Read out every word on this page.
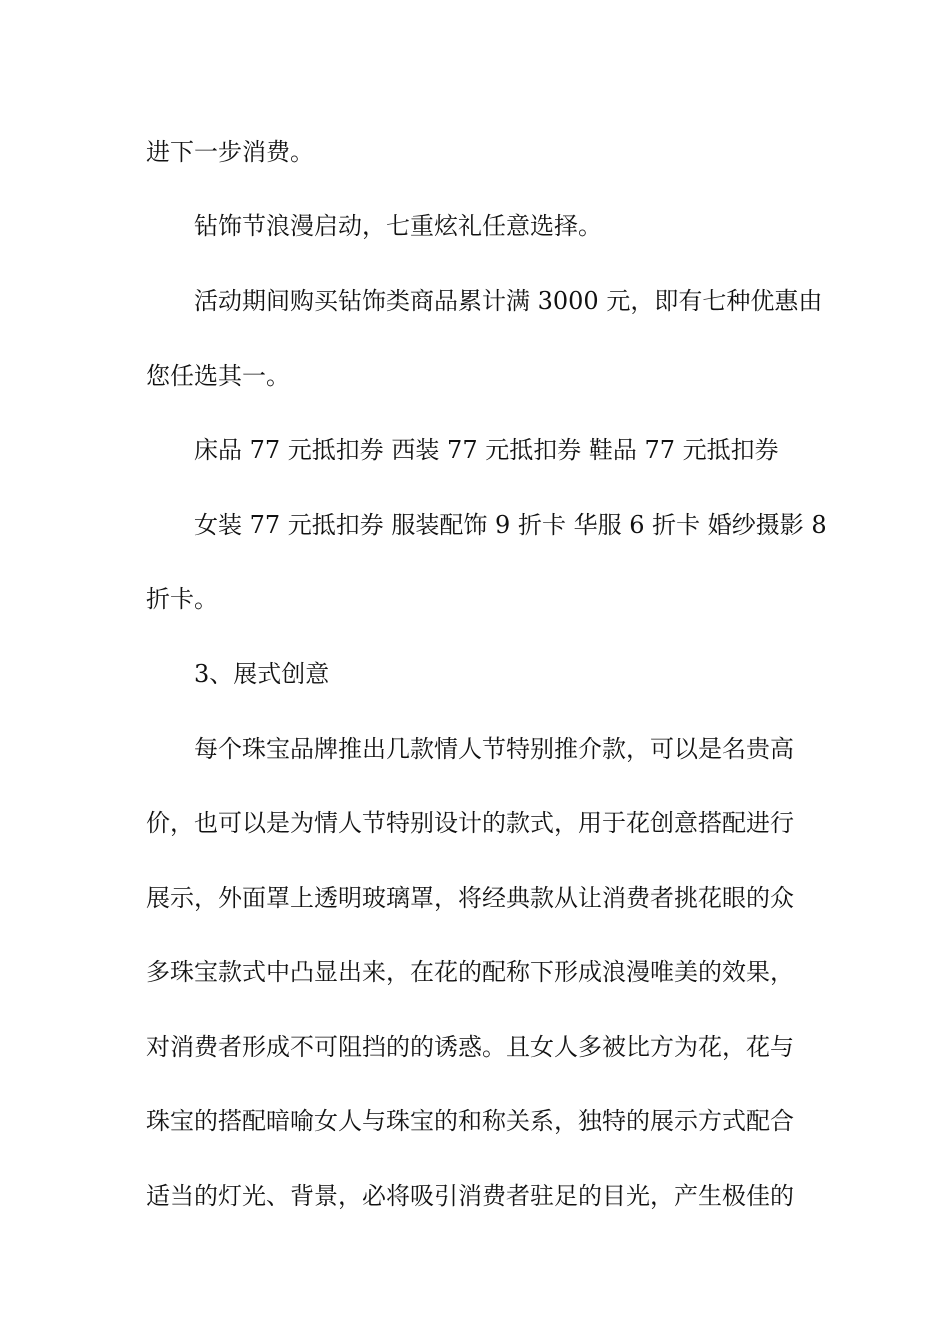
进下一步消费。
钻饰节浪漫启动，七重炫礼任意选择。
活动期间购买钻饰类商品累计满 3000 元，即有七种优惠由
您任选其一。
床品 77 元抵扣券 西装 77 元抵扣券 鞋品 77 元抵扣券
女装 77 元抵扣券 服装配饰 9 折卡 华服 6 折卡 婚纱摄影 8
折卡。
3、展式创意
每个珠宝品牌推出几款情人节特别推介款，可以是名贵高
价，也可以是为情人节特别设计的款式，用于花创意搭配进行
展示，外面罩上透明玻璃罩，将经典款从让消费者挑花眼的众
多珠宝款式中凸显出来，在花的配称下形成浪漫唯美的效果，
对消费者形成不可阻挡的的诱惑。且女人多被比方为花，花与
珠宝的搭配暗喻女人与珠宝的和称关系，独特的展示方式配合
适当的灯光、背景，必将吸引消费者驻足的目光，产生极佳的
